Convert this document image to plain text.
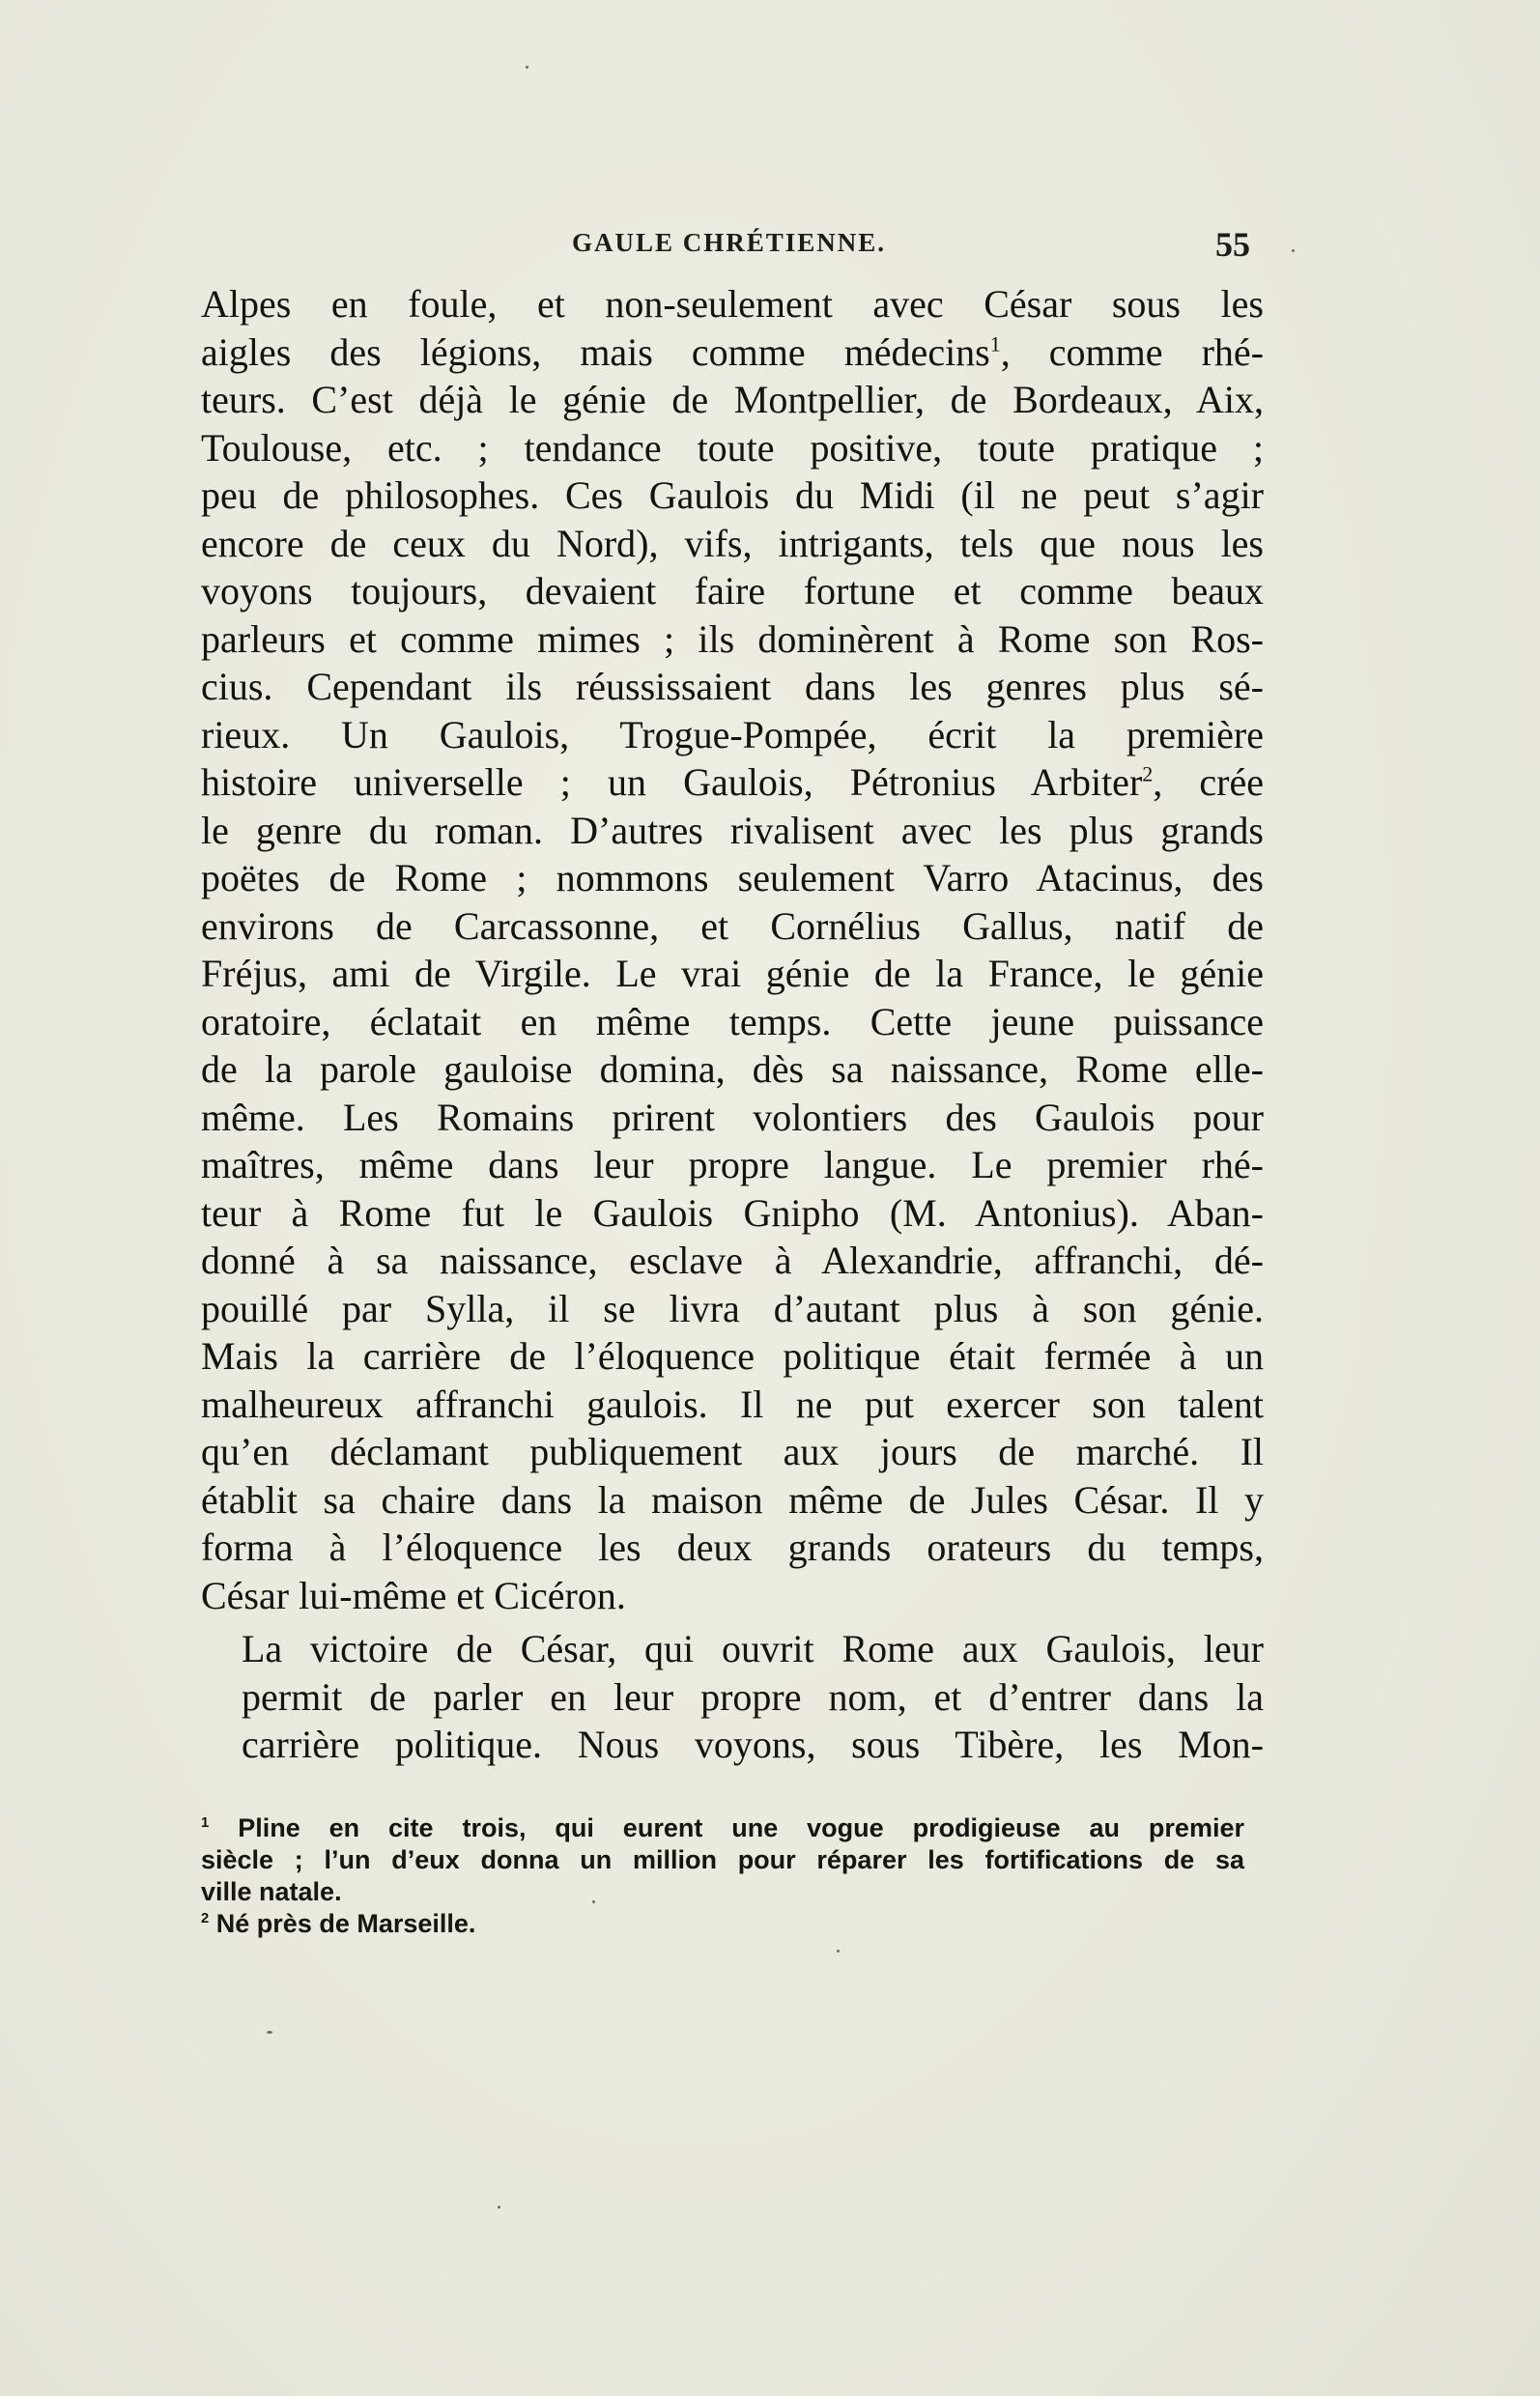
GAULE CHRÉTIENNE.	55

Alpes en foule, et non-seulement avec César sous les
aigles des légions, mais comme médecins$^1$, comme rhé-
teurs. C’est déjà le génie de Montpellier, de Bordeaux, Aix,
Toulouse, etc. ; tendance toute positive, toute pratique ;
peu de philosophes. Ces Gaulois du Midi (il ne peut s’agir
encore de ceux du Nord), vifs, intrigants, tels que nous les
voyons toujours, devaient faire fortune et comme beaux
parleurs et comme mimes ; ils dominèrent à Rome son Ros-
cius. Cependant ils réussissaient dans les genres plus sé-
rieux. Un Gaulois, Trogue-Pompée, écrit la première
histoire universelle ; un Gaulois, Pétronius Arbiter$^2$, crée
le genre du roman. D’autres rivalisent avec les plus grands
poëtes de Rome ; nommons seulement Varro Atacinus, des
environs de Carcassonne, et Cornélius Gallus, natif de
Fréjus, ami de Virgile. Le vrai génie de la France, le génie
oratoire, éclatait en même temps. Cette jeune puissance
de la parole gauloise domina, dès sa naissance, Rome elle-
même. Les Romains prirent volontiers des Gaulois pour
maîtres, même dans leur propre langue. Le premier rhé-
teur à Rome fut le Gaulois Gnipho (M. Antonius). Aban-
donné à sa naissance, esclave à Alexandrie, affranchi, dé-
pouillé par Sylla, il se livra d’autant plus à son génie.
Mais la carrière de l’éloquence politique était fermée à un
malheureux affranchi gaulois. Il ne put exercer son talent
qu’en déclamant publiquement aux jours de marché. Il
établit sa chaire dans la maison même de Jules César. Il y
forma à l’éloquence les deux grands orateurs du temps,
César lui-même et Cicéron.

La victoire de César, qui ouvrit Rome aux Gaulois, leur
permit de parler en leur propre nom, et d’entrer dans la
carrière politique. Nous voyons, sous Tibère, les Mon-

$^1$ Pline en cite trois, qui eurent une vogue prodigieuse au premier
siècle ; l’un d’eux donna un million pour réparer les fortifications de sa
ville natale.
$^2$ Né près de Marseille.
